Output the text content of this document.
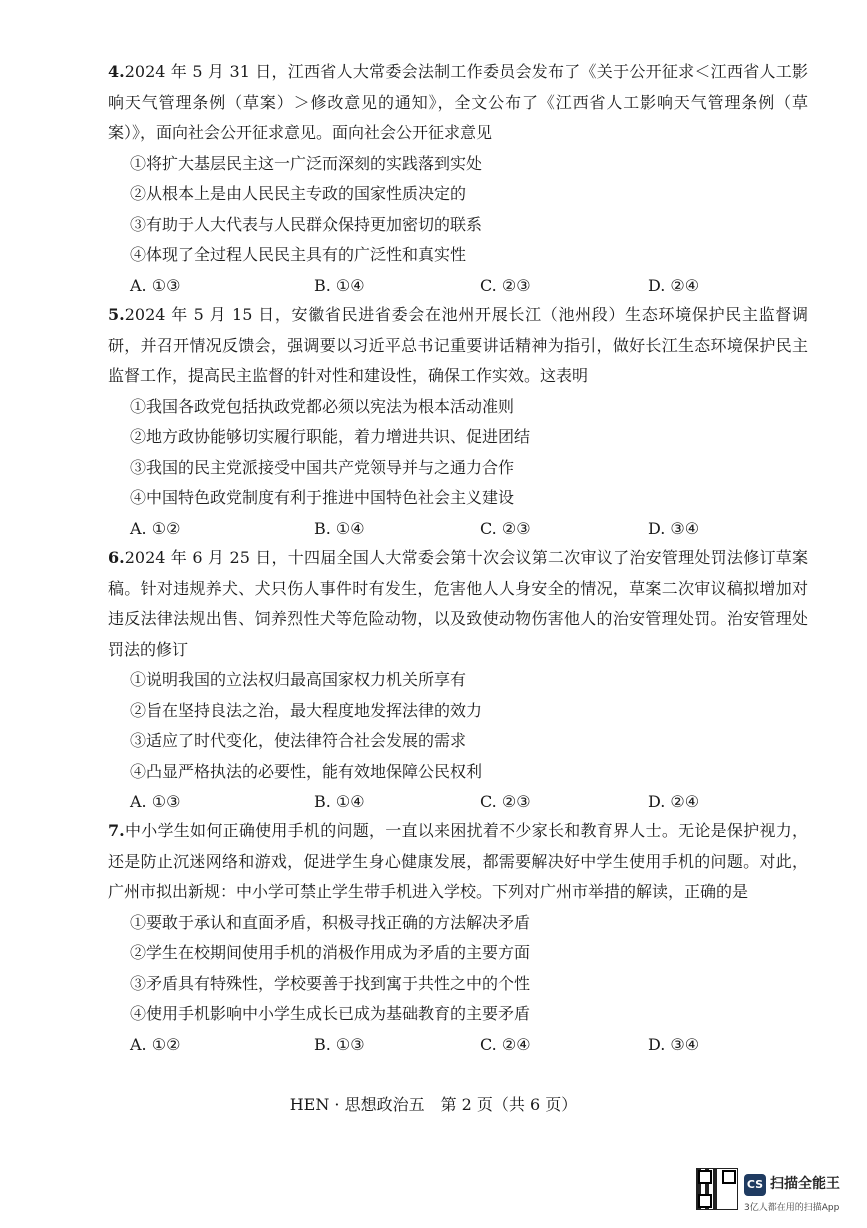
4.2024 年 5 月 31 日，江西省人大常委会法制工作委员会发布了《关于公开征求＜江西省人工影响天气管理条例（草案）＞修改意见的通知》，全文公布了《江西省人工影响天气管理条例（草案）》，面向社会公开征求意见。面向社会公开征求意见

①将扩大基层民主这一广泛而深刻的实践落到实处

②从根本上是由人民民主专政的国家性质决定的

③有助于人大代表与人民群众保持更加密切的联系

④体现了全过程人民民主具有的广泛性和真实性

A. ①③	B. ①④	C. ②③	D. ②④

5.2024 年 5 月 15 日，安徽省民进省委会在池州开展长江（池州段）生态环境保护民主监督调研，并召开情况反馈会，强调要以习近平总书记重要讲话精神为指引，做好长江生态环境保护民主监督工作，提高民主监督的针对性和建设性，确保工作实效。这表明

①我国各政党包括执政党都必须以宪法为根本活动准则

②地方政协能够切实履行职能，着力增进共识、促进团结

③我国的民主党派接受中国共产党领导并与之通力合作

④中国特色政党制度有利于推进中国特色社会主义建设

A. ①②	B. ①④	C. ②③	D. ③④

6.2024 年 6 月 25 日，十四届全国人大常委会第十次会议第二次审议了治安管理处罚法修订草案稿。针对违规养犬、犬只伤人事件时有发生，危害他人人身安全的情况，草案二次审议稿拟增加对违反法律法规出售、饲养烈性犬等危险动物，以及致使动物伤害他人的治安管理处罚。治安管理处罚法的修订

①说明我国的立法权归最高国家权力机关所享有

②旨在坚持良法之治，最大程度地发挥法律的效力

③适应了时代变化，使法律符合社会发展的需求

④凸显严格执法的必要性，能有效地保障公民权利

A. ①③	B. ①④	C. ②③	D. ②④

7.中小学生如何正确使用手机的问题，一直以来困扰着不少家长和教育界人士。无论是保护视力，还是防止沉迷网络和游戏，促进学生身心健康发展，都需要解决好中学生使用手机的问题。对此，广州市拟出新规：中小学可禁止学生带手机进入学校。下列对广州市举措的解读，正确的是

①要敢于承认和直面矛盾，积极寻找正确的方法解决矛盾

②学生在校期间使用手机的消极作用成为矛盾的主要方面

③矛盾具有特殊性，学校要善于找到寓于共性之中的个性

④使用手机影响中小学生成长已成为基础教育的主要矛盾

A. ①②	B. ①③	C. ②④	D. ③④
HEN · 思想政治五　第 2 页（共 6 页）
CS 扫描全能王
3亿人都在用的扫描App
